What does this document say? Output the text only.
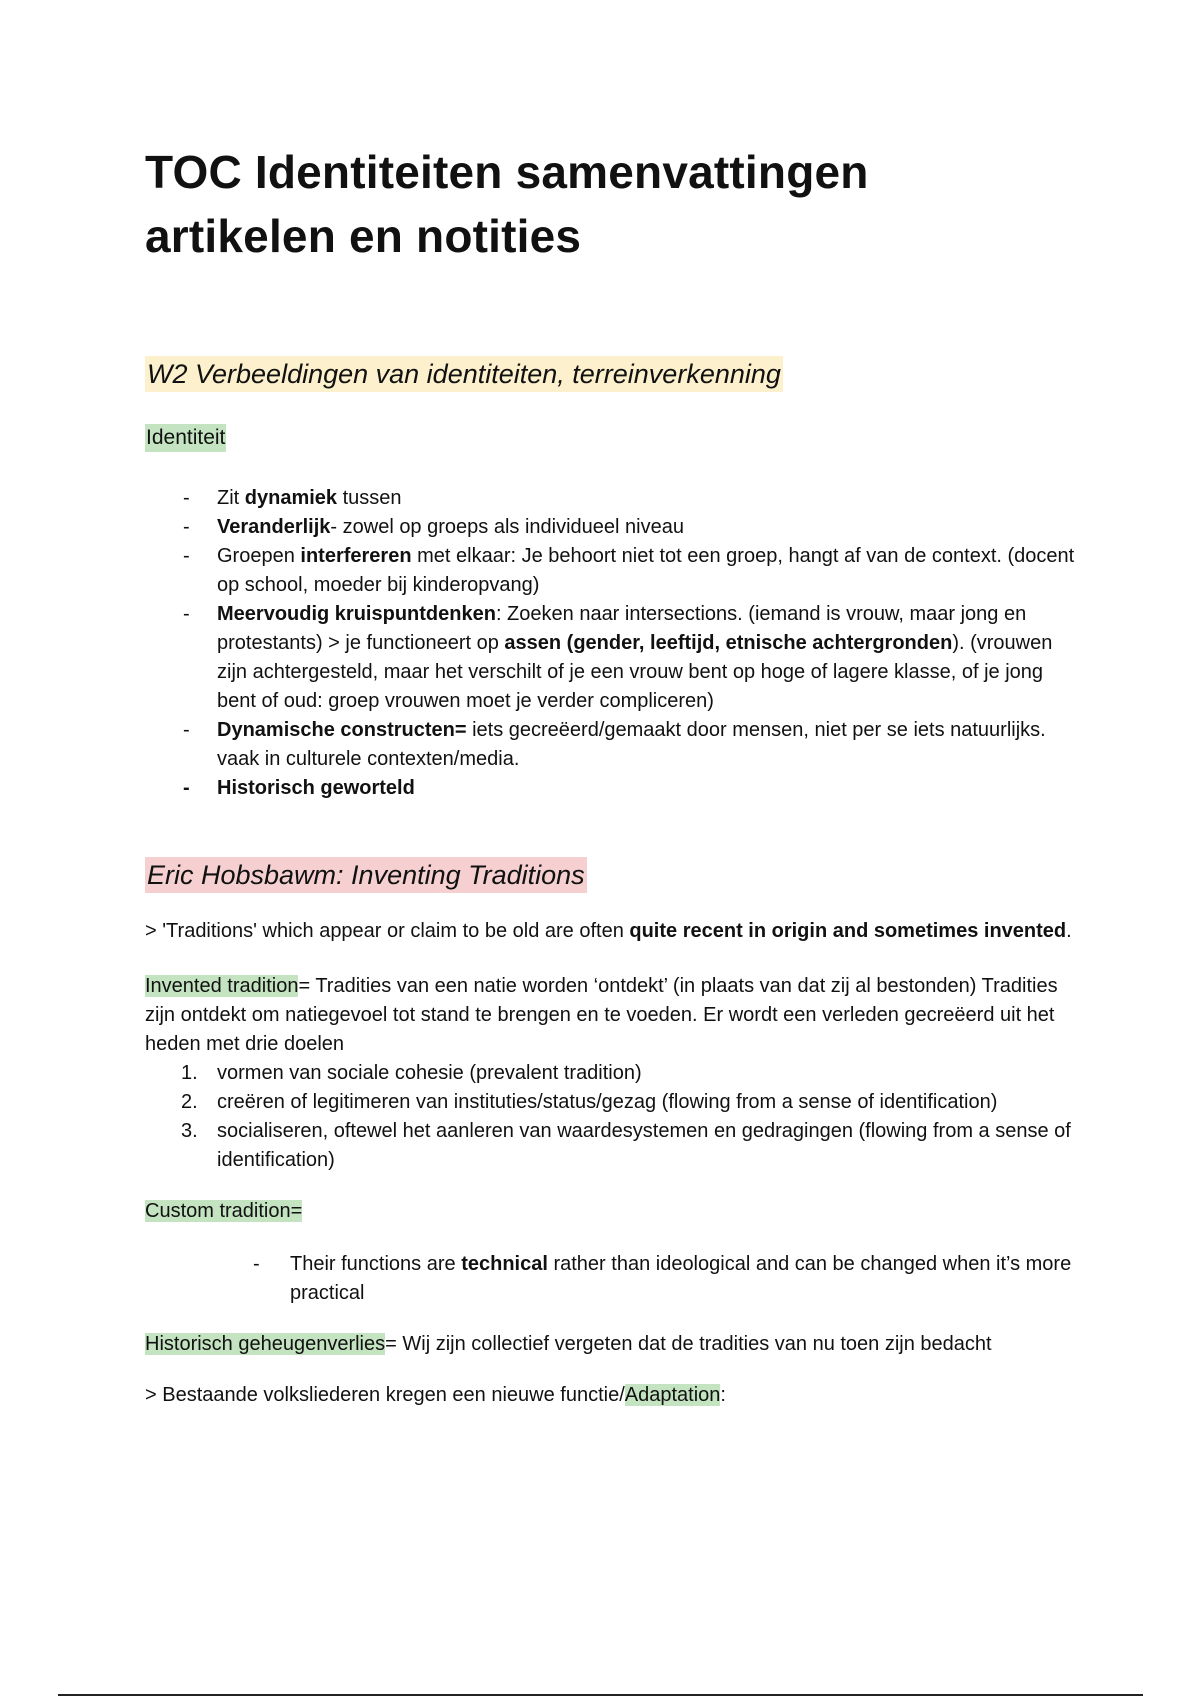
TOC Identiteiten samenvattingen artikelen en notities
W2 Verbeeldingen van identiteiten, terreinverkenning
Identiteit
- Zit dynamiek tussen
- Veranderlijk- zowel op groeps als individueel niveau
- Groepen interfereren met elkaar: Je behoort niet tot een groep, hangt af van de context. (docent op school, moeder bij kinderopvang)
- Meervoudig kruispuntdenken: Zoeken naar intersections. (iemand is vrouw, maar jong en protestants) > je functioneert op assen (gender, leeftijd, etnische achtergronden). (vrouwen zijn achtergesteld, maar het verschilt of je een vrouw bent op hoge of lagere klasse, of je jong bent of oud: groep vrouwen moet je verder compliceren)
- Dynamische constructen= iets gecreëerd/gemaakt door mensen, niet per se iets natuurlijks. vaak in culturele contexten/media.
- Historisch geworteld
Eric Hobsbawm: Inventing Traditions

> 'Traditions' which appear or claim to be old are often quite recent in origin and sometimes invented.

Invented tradition= Tradities van een natie worden ‘ontdekt’ (in plaats van dat zij al bestonden) Tradities zijn ontdekt om natiegevoel tot stand te brengen en te voeden. Er wordt een verleden gecreëerd uit het heden met drie doelen

1. vormen van sociale cohesie (prevalent tradition)
2. creëren of legitimeren van instituties/status/gezag (flowing from a sense of identification)
3. socialiseren, oftewel het aanleren van waardesystemen en gedragingen (flowing from a sense of identification)

Custom tradition=

- Their functions are technical rather than ideological and can be changed when it’s more practical

Historisch geheugenverlies= Wij zijn collectief vergeten dat de tradities van nu toen zijn bedacht

> Bestaande volksliederen kregen een nieuwe functie/Adaptation:
